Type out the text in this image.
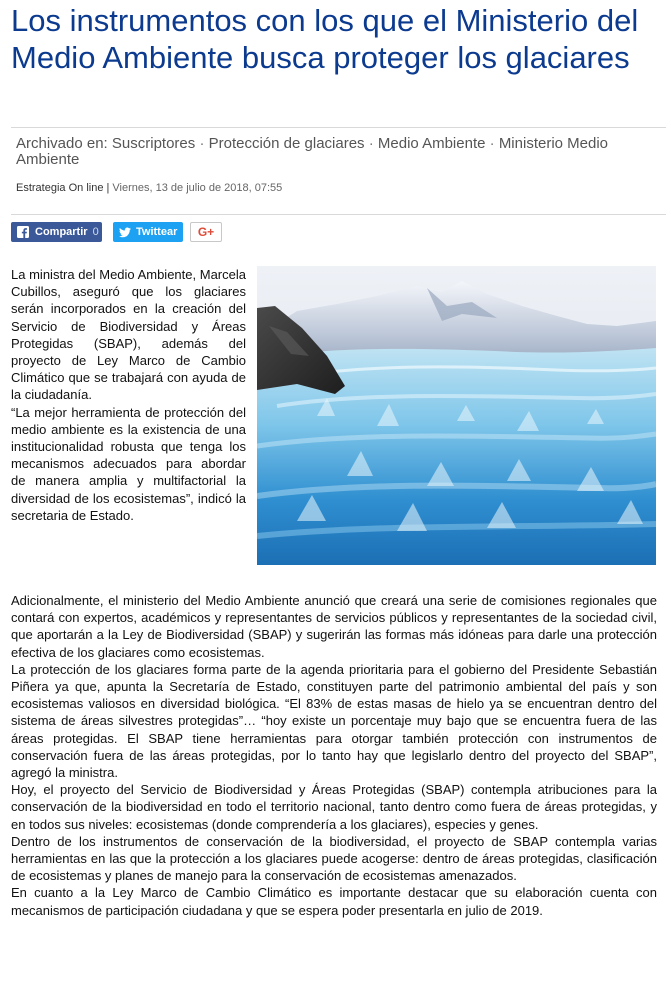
Los instrumentos con los que el Ministerio del Medio Ambiente busca proteger los glaciares
Archivado en: Suscriptores · Protección de glaciares · Medio Ambiente · Ministerio Medio Ambiente
Estrategia On line | Viernes, 13 de julio de 2018, 07:55
Compartir 0	Twittear G+

La ministra del Medio Ambiente, Marcela Cubillos, aseguró que los glaciares serán incorporados en la creación del Servicio de Biodiversidad y Áreas Protegidas (SBAP), además del proyecto de Ley Marco de Cambio Climático que se trabajará con ayuda de la ciudadanía.

“La mejor herramienta de protección del medio ambiente es la existencia de una institucionalidad robusta que tenga los mecanismos adecuados para abordar de manera amplia y multifactorial la diversidad de los ecosistemas”, indicó la secretaria de Estado.

Adicionalmente, el ministerio del Medio Ambiente anunció que creará una serie de comisiones regionales que contará con expertos, académicos y representantes de servicios públicos y representantes de la sociedad civil, que aportarán a la Ley de Biodiversidad (SBAP) y sugerirán las formas más idóneas para darle una protección efectiva de los glaciares como ecosistemas.

La protección de los glaciares forma parte de la agenda prioritaria para el gobierno del Presidente Sebastián Piñera ya que, apunta la Secretaría de Estado, constituyen parte del patrimonio ambiental del país y son ecosistemas valiosos en diversidad biológica. “El 83% de estas masas de hielo ya se encuentran dentro del sistema de áreas silvestres protegidas”… “hoy existe un porcentaje muy bajo que se encuentra fuera de las áreas protegidas. El SBAP tiene herramientas para otorgar también protección con instrumentos de conservación fuera de las áreas protegidas, por lo tanto hay que legislarlo dentro del proyecto del SBAP”, agregó la ministra.

Hoy, el proyecto del Servicio de Biodiversidad y Áreas Protegidas (SBAP) contempla atribuciones para la conservación de la biodiversidad en todo el territorio nacional, tanto dentro como fuera de áreas protegidas, y en todos sus niveles: ecosistemas (donde comprendería a los glaciares), especies y genes.

Dentro de los instrumentos de conservación de la biodiversidad, el proyecto de SBAP contempla varias herramientas en las que la protección a los glaciares puede acogerse: dentro de áreas protegidas, clasificación de ecosistemas y planes de manejo para la conservación de ecosistemas amenazados.

En cuanto a la Ley Marco de Cambio Climático es importante destacar que su elaboración cuenta con mecanismos de participación ciudadana y que se espera poder presentarla en julio de 2019.
